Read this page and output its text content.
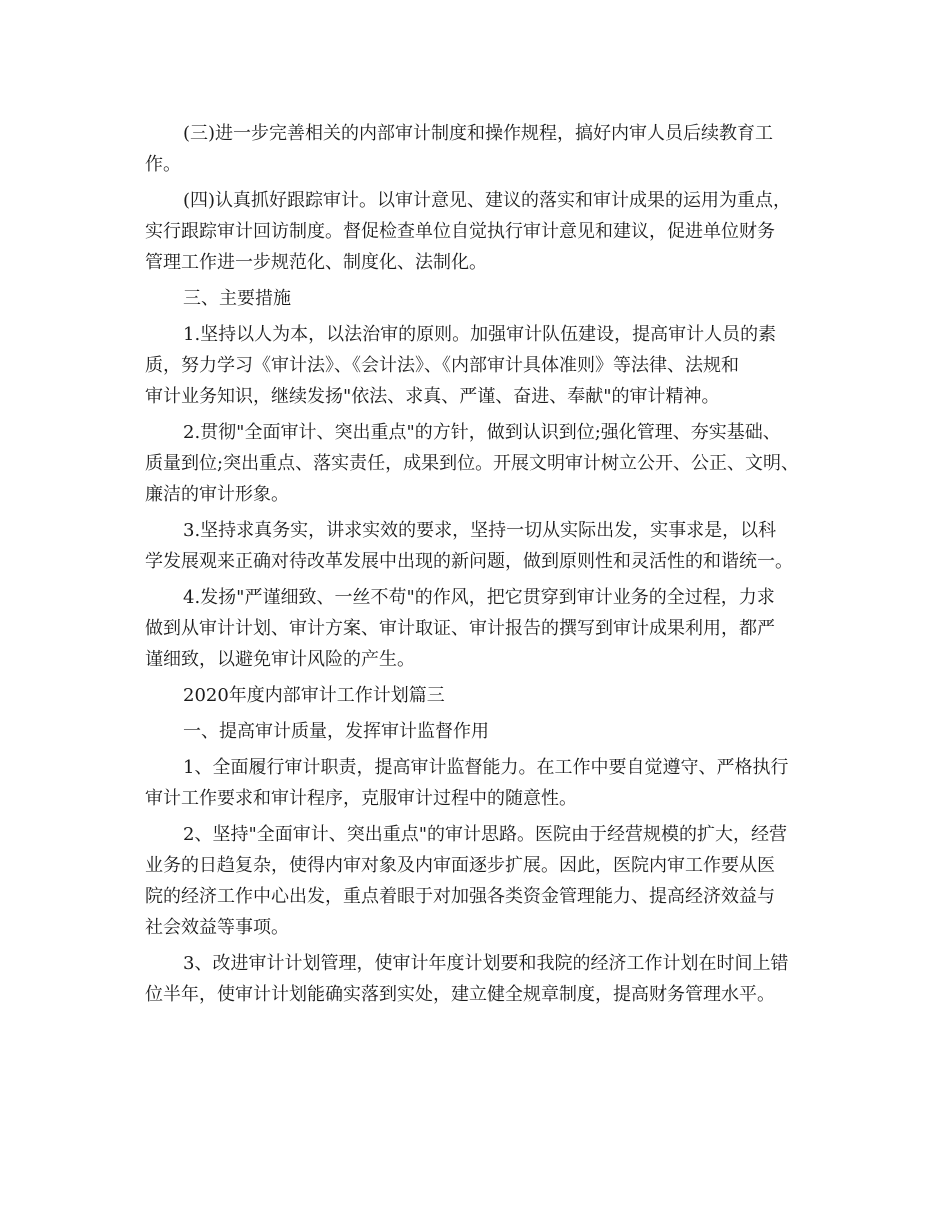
(三)进一步完善相关的内部审计制度和操作规程，搞好内审人员后续教育工

作。

(四)认真抓好跟踪审计。以审计意见、建议的落实和审计成果的运用为重点，

实行跟踪审计回访制度。督促检查单位自觉执行审计意见和建议，促进单位财务

管理工作进一步规范化、制度化、法制化。

三、主要措施

1.坚持以人为本，以法治审的原则。加强审计队伍建设，提高审计人员的素

质，努力学习《审计法》、《会计法》、《内部审计具体准则》等法律、法规和

审计业务知识，继续发扬"依法、求真、严谨、奋进、奉献"的审计精神。

2.贯彻"全面审计、突出重点"的方针，做到认识到位;强化管理、夯实基础、

质量到位;突出重点、落实责任，成果到位。开展文明审计树立公开、公正、文明、

廉洁的审计形象。

3.坚持求真务实，讲求实效的要求，坚持一切从实际出发，实事求是，以科

学发展观来正确对待改革发展中出现的新问题，做到原则性和灵活性的和谐统一。

4.发扬"严谨细致、一丝不苟"的作风，把它贯穿到审计业务的全过程，力求

做到从审计计划、审计方案、审计取证、审计报告的撰写到审计成果利用，都严

谨细致，以避免审计风险的产生。

2020年度内部审计工作计划篇三

一、提高审计质量，发挥审计监督作用

1、全面履行审计职责，提高审计监督能力。在工作中要自觉遵守、严格执行

审计工作要求和审计程序，克服审计过程中的随意性。

2、坚持"全面审计、突出重点"的审计思路。医院由于经营规模的扩大，经营

业务的日趋复杂，使得内审对象及内审面逐步扩展。因此，医院内审工作要从医

院的经济工作中心出发，重点着眼于对加强各类资金管理能力、提高经济效益与

社会效益等事项。

3、改进审计计划管理，使审计年度计划要和我院的经济工作计划在时间上错

位半年，使审计计划能确实落到实处，建立健全规章制度，提高财务管理水平。
